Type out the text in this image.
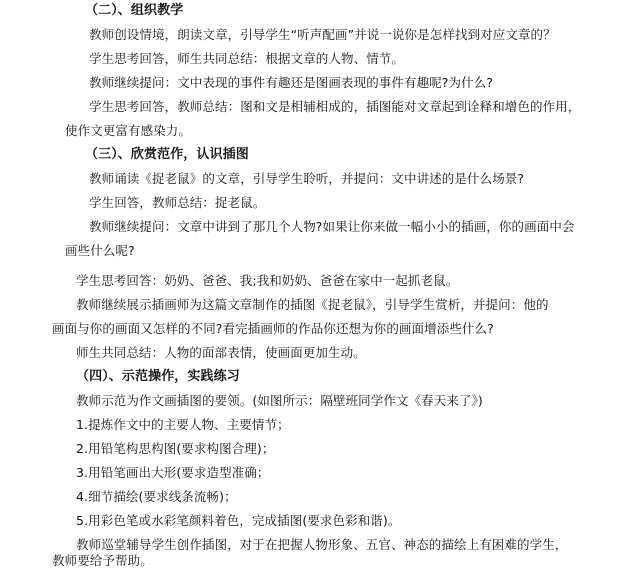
（二）、组织教学
教师创设情境，朗读文章，引导学生“听声配画”并说一说你是怎样找到对应文章的？
学生思考回答，师生共同总结：根据文章的人物、情节。
教师继续提问：文中表现的事件有趣还是图画表现的事件有趣呢?为什么?
学生思考回答，教师总结：图和文是相辅相成的，插图能对文章起到诠释和增色的作用，
使作文更富有感染力。
（三）、欣赏范作，认识插图
教师诵读《捉老鼠》的文章，引导学生聆听，并提问：文中讲述的是什么场景?
学生回答，教师总结：捉老鼠。
教师继续提问：文章中讲到了那几个人物?如果让你来做一幅小小的插画，你的画面中会
画些什么呢?
学生思考回答：奶奶、爸爸、我;我和奶奶、爸爸在家中一起抓老鼠。
教师继续展示插画师为这篇文章制作的插图《捉老鼠》，引导学生赏析，并提问：他的
画面与你的画面又怎样的不同?看完插画师的作品你还想为你的画面增添些什么?
师生共同总结：人物的面部表情，使画面更加生动。
（四）、示范操作，实践练习
教师示范为作文画插图的要领。(如图所示：隔壁班同学作文《春天来了》)
1.提炼作文中的主要人物、主要情节；
2.用铅笔构思构图(要求构图合理)；
3.用铅笔画出大形(要求造型准确；
4.细节描绘(要求线条流畅)；
5.用彩色笔或水彩笔颜料着色，完成插图(要求色彩和谐)。
教师巡堂辅导学生创作插图，对于在把握人物形象、五官、神态的描绘上有困难的学生，
教师要给予帮助。
